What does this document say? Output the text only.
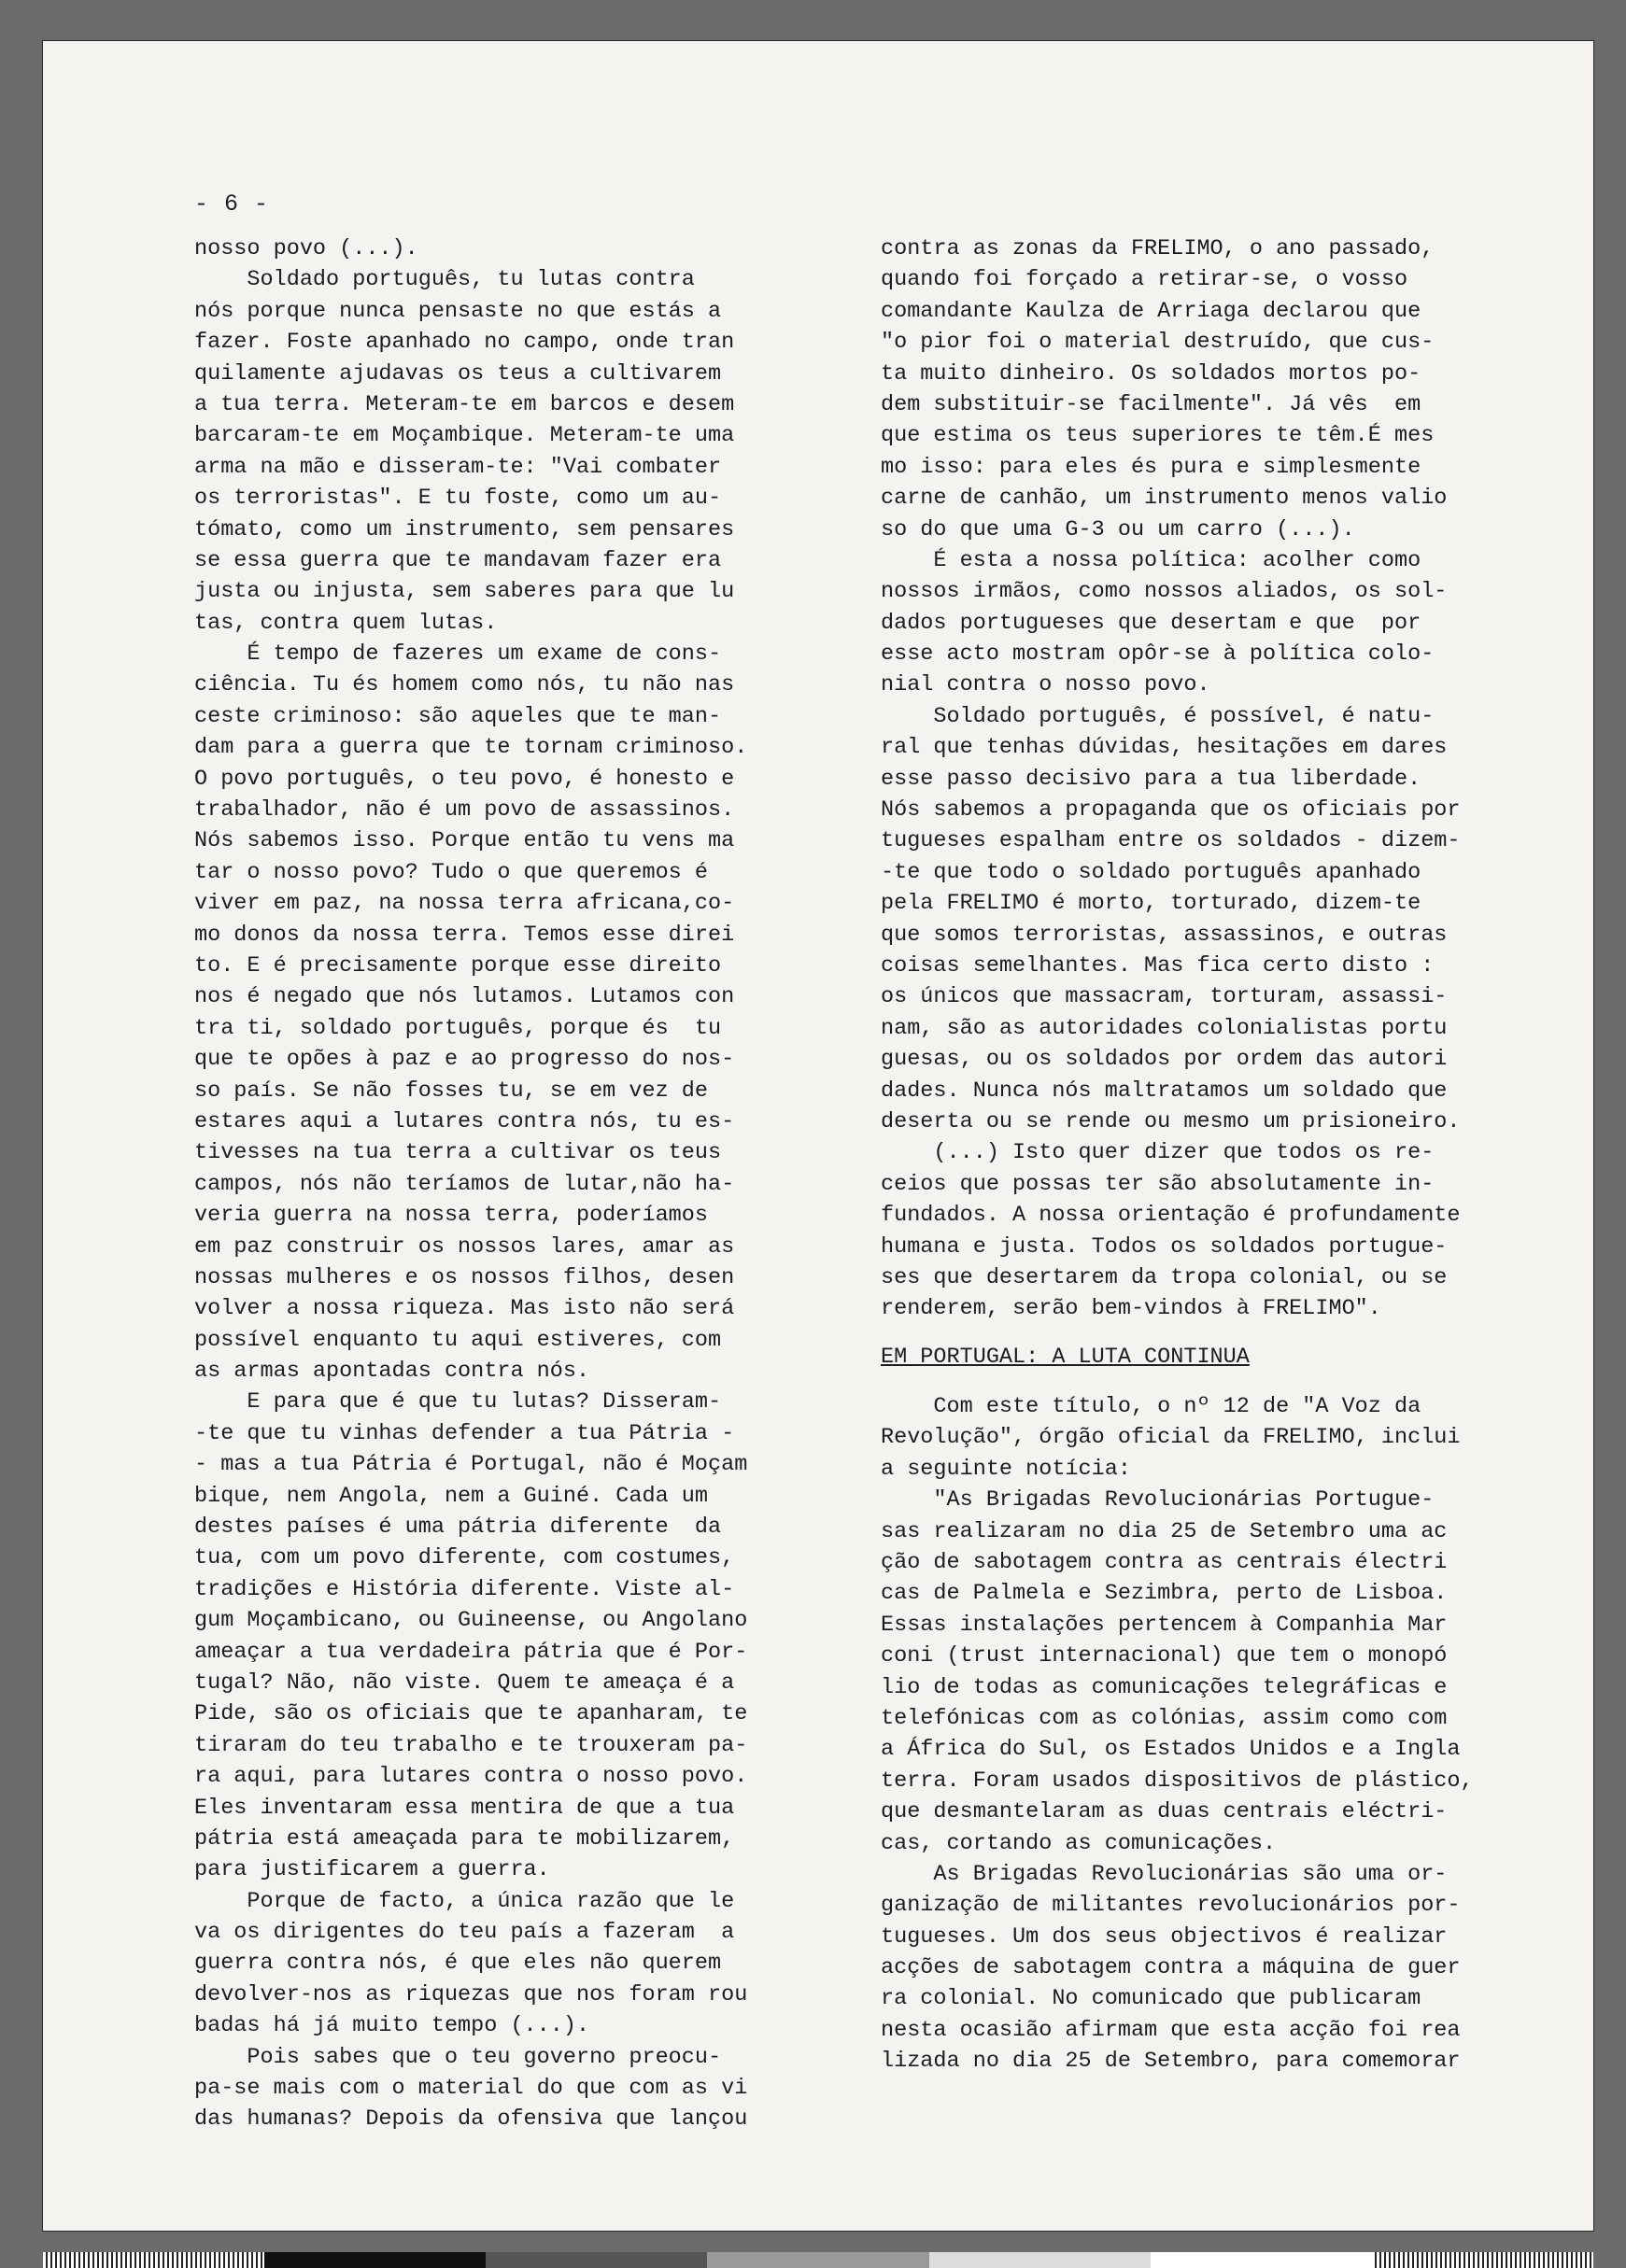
- 6 -
nosso povo (...).
Soldado português, tu lutas contra
nós porque nunca pensaste no que estás a
fazer. Foste apanhado no campo, onde tran
quilamente ajudavas os teus a cultivarem
a tua terra. Meteram-te em barcos e desem
barcaram-te em Moçambique. Meteram-te uma
arma na mão e disseram-te: "Vai combater
os terroristas". E tu foste, como um au-
tómato, como um instrumento, sem pensares
se essa guerra que te mandavam fazer era
justa ou injusta, sem saberes para que lu
tas, contra quem lutas.
É tempo de fazeres um exame de cons-
ciência. Tu és homem como nós, tu não nas
ceste criminoso: são aqueles que te man-
dam para a guerra que te tornam criminoso.
O povo português, o teu povo, é honesto e
trabalhador, não é um povo de assassinos.
Nós sabemos isso. Porque então tu vens ma
tar o nosso povo? Tudo o que queremos é
viver em paz, na nossa terra africana,co-
mo donos da nossa terra. Temos esse direi
to. E é precisamente porque esse direito
nos é negado que nós lutamos. Lutamos con
tra ti, soldado português, porque és  tu
que te opões à paz e ao progresso do nos-
so país. Se não fosses tu, se em vez de
estares aqui a lutares contra nós, tu es-
tivesses na tua terra a cultivar os teus
campos, nós não teríamos de lutar,não ha-
veria guerra na nossa terra, poderíamos
em paz construir os nossos lares, amar as
nossas mulheres e os nossos filhos, desen
volver a nossa riqueza. Mas isto não será
possível enquanto tu aqui estiveres, com
as armas apontadas contra nós.
E para que é que tu lutas? Disseram-
-te que tu vinhas defender a tua Pátria -
- mas a tua Pátria é Portugal, não é Moçam
bique, nem Angola, nem a Guiné. Cada um
destes países é uma pátria diferente  da
tua, com um povo diferente, com costumes,
tradições e História diferente. Viste al-
gum Moçambicano, ou Guineense, ou Angolano
ameaçar a tua verdadeira pátria que é Por-
tugal? Não, não viste. Quem te ameaça é a
Pide, são os oficiais que te apanharam, te
tiraram do teu trabalho e te trouxeram pa-
ra aqui, para lutares contra o nosso povo.
Eles inventaram essa mentira de que a tua
pátria está ameaçada para te mobilizarem,
para justificarem a guerra.
Porque de facto, a única razão que le
va os dirigentes do teu país a fazeram  a
guerra contra nós, é que eles não querem
devolver-nos as riquezas que nos foram rou
badas há já muito tempo (...).
Pois sabes que o teu governo preocu-
pa-se mais com o material do que com as vi
das humanas? Depois da ofensiva que lançou
contra as zonas da FRELIMO, o ano passado,
quando foi forçado a retirar-se, o vosso
comandante Kaulza de Arriaga declarou que
"o pior foi o material destruído, que cus-
ta muito dinheiro. Os soldados mortos po-
dem substituir-se facilmente". Já vês  em
que estima os teus superiores te têm.É mes
mo isso: para eles és pura e simplesmente
carne de canhão, um instrumento menos valio
so do que uma G-3 ou um carro (...).
É esta a nossa política: acolher como
nossos irmãos, como nossos aliados, os sol-
dados portugueses que desertam e que  por
esse acto mostram opôr-se à política colo-
nial contra o nosso povo.
Soldado português, é possível, é natu-
ral que tenhas dúvidas, hesitações em dares
esse passo decisivo para a tua liberdade.
Nós sabemos a propaganda que os oficiais por
tugueses espalham entre os soldados - dizem-
-te que todo o soldado português apanhado
pela FRELIMO é morto, torturado, dizem-te
que somos terroristas, assassinos, e outras
coisas semelhantes. Mas fica certo disto :
os únicos que massacram, torturam, assassi-
nam, são as autoridades colonialistas portu
guesas, ou os soldados por ordem das autori
dades. Nunca nós maltratamos um soldado que
deserta ou se rende ou mesmo um prisioneiro.
(...) Isto quer dizer que todos os re-
ceios que possas ter são absolutamente in-
fundados. A nossa orientação é profundamente
humana e justa. Todos os soldados portugue-
ses que desertarem da tropa colonial, ou se
renderem, serão bem-vindos à FRELIMO".
EM PORTUGAL: A LUTA CONTINUA
Com este título, o nº 12 de "A Voz da
Revolução", órgão oficial da FRELIMO, inclui
a seguinte notícia:
"As Brigadas Revolucionárias Portugue-
sas realizaram no dia 25 de Setembro uma ac
ção de sabotagem contra as centrais électri
cas de Palmela e Sezimbra, perto de Lisboa.
Essas instalações pertencem à Companhia Mar
coni (trust internacional) que tem o monopó
lio de todas as comunicações telegráficas e
telefónicas com as colónias, assim como com
a África do Sul, os Estados Unidos e a Ingla
terra. Foram usados dispositivos de plástico,
que desmantelaram as duas centrais eléctri-
cas, cortando as comunicações.
As Brigadas Revolucionárias são uma or-
ganização de militantes revolucionários por-
tugueses. Um dos seus objectivos é realizar
acções de sabotagem contra a máquina de guer
ra colonial. No comunicado que publicaram
nesta ocasião afirmam que esta acção foi rea
lizada no dia 25 de Setembro, para comemorar
